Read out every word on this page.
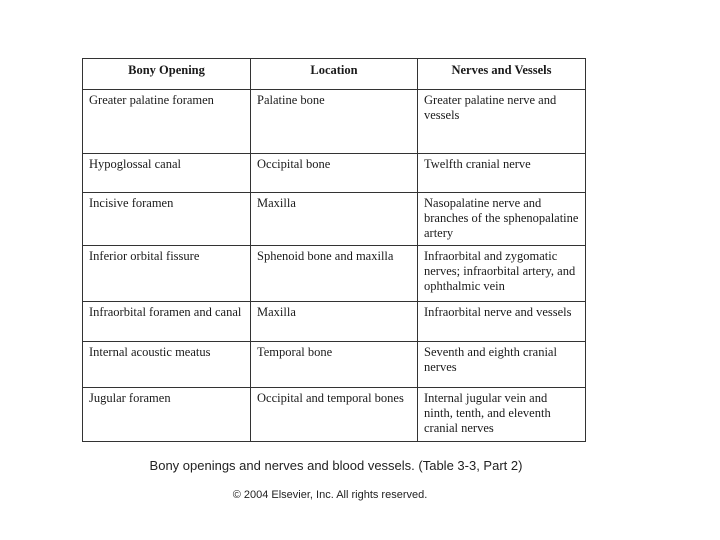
Bony Opening	Location	Nerves and Vessels
Greater palatine foramen	Palatine bone	Greater palatine nerve and vessels
Hypoglossal canal	Occipital bone	Twelfth cranial nerve
Incisive foramen	Maxilla	Nasopalatine nerve and branches of the sphenopalatine artery
Inferior orbital fissure	Sphenoid bone and maxilla	Infraorbital and zygomatic nerves; infraorbital artery, and ophthalmic vein
Infraorbital foramen and canal	Maxilla	Infraorbital nerve and vessels
Internal acoustic meatus	Temporal bone	Seventh and eighth cranial nerves
Jugular foramen	Occipital and temporal bones	Internal jugular vein and ninth, tenth, and eleventh cranial nerves
Bony openings and nerves and blood vessels. (Table 3-3, Part 2)
© 2004 Elsevier, Inc. All rights reserved.
